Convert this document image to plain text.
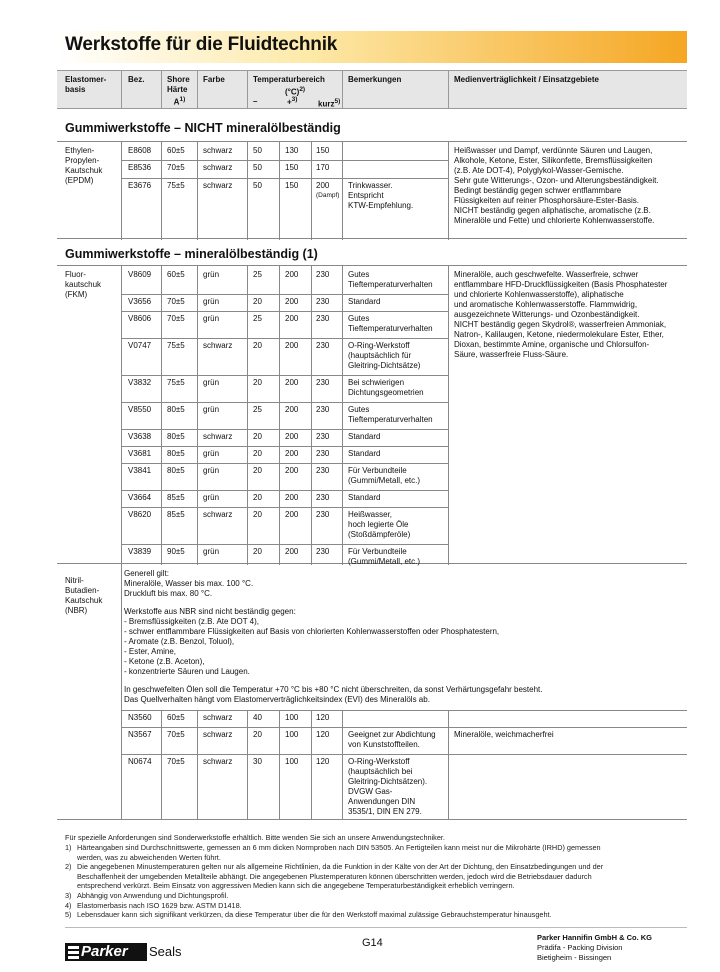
Werkstoffe für die Fluidtechnik
Elastomer-
basis
Bez.	Shore
Härte
$A^{1)}$
Farbe	Temperaturbereich
$(^\circ C)^{2)}$
–	+$^{3)}$
kurz$^{5)}$
Bemerkungen	Medienverträglichkeit / Einsatzgebiete
Gummiwerkstoffe – NICHT mineralölbeständig
Ethylen-
Propylen-
Kautschuk
(EPDM)
E8608 60±5 schwarz	50	130 150
E8536 70±5 schwarz	50	150 170
E3676 75±5 schwarz	50	150 200
(Dampf)
Trinkwasser.
Entspricht
KTW-Empfehlung.
Heißwasser und Dampf, verdünnte Säuren und Laugen,
Alkohole, Ketone, Ester, Silikonfette, Bremsflüssigkeiten
(z.B. Ate DOT-4), Polyglykol-Wasser-Gemische.
Sehr gute Witterungs-, Ozon- und Alterungsbeständigkeit.
Bedingt beständig gegen schwer entflammbare
Flüssigkeiten auf reiner Phosphorsäure-Ester-Basis.
NICHT beständig gegen aliphatische, aromatische (z.B.
Mineralöle und Fette) und chlorierte Kohlenwasserstoffe.
Gummiwerkstoffe – mineralölbeständig (1)
Fluor-
kautschuk
(FKM)
V8609 60±5 grün	25	200 230 Gutes
Tieftemperaturverhalten
V3656 70±5 grün	20	200 230 Standard
V8606 70±5 grün	25	200 230 Gutes
Tieftemperaturverhalten
V0747 75±5 schwarz	20	200 230 O-Ring-Werkstoff
(hauptsächlich für
Gleitring-Dichtsätze)
V3832 75±5 grün	20	200 230 Bei schwierigen
Dichtungsgeometrien
V8550 80±5 grün	25	200 230 Gutes
Tieftemperaturverhalten
V3638 80±5 schwarz	20	200 230 Standard
V3681 80±5 grün	20	200 230 Standard
V3841 80±5 grün	20	200 230 Für Verbundteile
(Gummi/Metall, etc.)
V3664 85±5 grün	20	200 230 Standard
V8620 85±5 schwarz	20	200 230 Heißwasser,
hoch legierte Öle
(Stoßdämpferöle)
V3839 90±5 grün	20	200 230 Für Verbundteile
(Gummi/Metall, etc.)
Mineralöle, auch geschwefelte. Wasserfreie, schwer
entflammbare HFD-Druckflüssigkeiten (Basis Phosphatester
und chlorierte Kohlenwasserstoffe), aliphatische
und aromatische Kohlenwasserstoffe. Flammwidrig,
ausgezeichnete Witterungs- und Ozonbeständigkeit.
NICHT beständig gegen Skydrol®, wasserfreien Ammoniak,
Natron-, Kalilaugen, Ketone, niedermolekulare Ester, Ether,
Dioxan, bestimmte Amine, organische und Chlorsulfon-
Säure, wasserfreie Fluss-Säure.
Nitril-
Butadien-
Kautschuk
(NBR)
Generell gilt:
Mineralöle, Wasser bis max. 100 °C.
Druckluft bis max. 80 °C.
Werkstoffe aus NBR sind nicht beständig gegen:
- Bremsflüssigkeiten (z.B. Ate DOT 4),
- schwer entflammbare Flüssigkeiten auf Basis von chlorierten Kohlenwasserstoffen oder Phosphatestern,
- Aromate (z.B. Benzol, Toluol),
- Ester, Amine,
- Ketone (z.B. Aceton),
- konzentrierte Säuren und Laugen.
In geschwefelten Ölen soll die Temperatur +70 °C bis +80 °C nicht überschreiten, da sonst Verhärtungsgefahr besteht.
Das Quellverhalten hängt vom Elastomerverträglichkeitsindex (EVI) des Mineralöls ab.
N3560 60±5 schwarz	40	100 120
N3567 70±5 schwarz	20	100 120 Geeignet zur Abdichtung
von Kunststoffteilen.
Mineralöle, weichmacherfrei
N0674 70±5 schwarz	30	100 120 O-Ring-Werkstoff
(hauptsächlich bei
Gleitring-Dichtsätzen).
DVGW Gas-
Anwendungen DIN
3535/1, DIN EN 279.
Für spezielle Anforderungen sind Sonderwerkstoffe erhältlich. Bitte wenden Sie sich an unsere Anwendungstechniker.
1) Härteangaben sind Durchschnittswerte, gemessen an 6 mm dicken Normproben nach DIN 53505. An Fertigteilen kann meist nur die Mikrohärte (IRHD) gemessen
werden, was zu abweichenden Werten führt.
2) Die angegebenen Minustemperaturen gelten nur als allgemeine Richtlinien, da die Funktion in der Kälte von der Art der Dichtung, den Einsatzbedingungen und der
Beschaffenheit der umgebenden Metallteile abhängt. Die angegebenen Plustemperaturen können überschritten werden, jedoch wird die Betriebsdauer dadurch
entsprechend verkürzt. Beim Einsatz von aggressiven Medien kann sich die angegebene Temperaturbeständigkeit erheblich verringern.
3) Abhängig von Anwendung und Dichtungsprofil.
4) Elastomerbasis nach ISO 1629 bzw. ASTM D1418.
5) Lebensdauer kann sich signifikant verkürzen, da diese Temperatur über die für den Werkstoff maximal zulässige Gebrauchstemperatur hinausgeht.
Parker	Seals
G14	Parker Hannifin GmbH & Co. KG
Prädifa - Packing Division
Bietigheim - Bissingen
